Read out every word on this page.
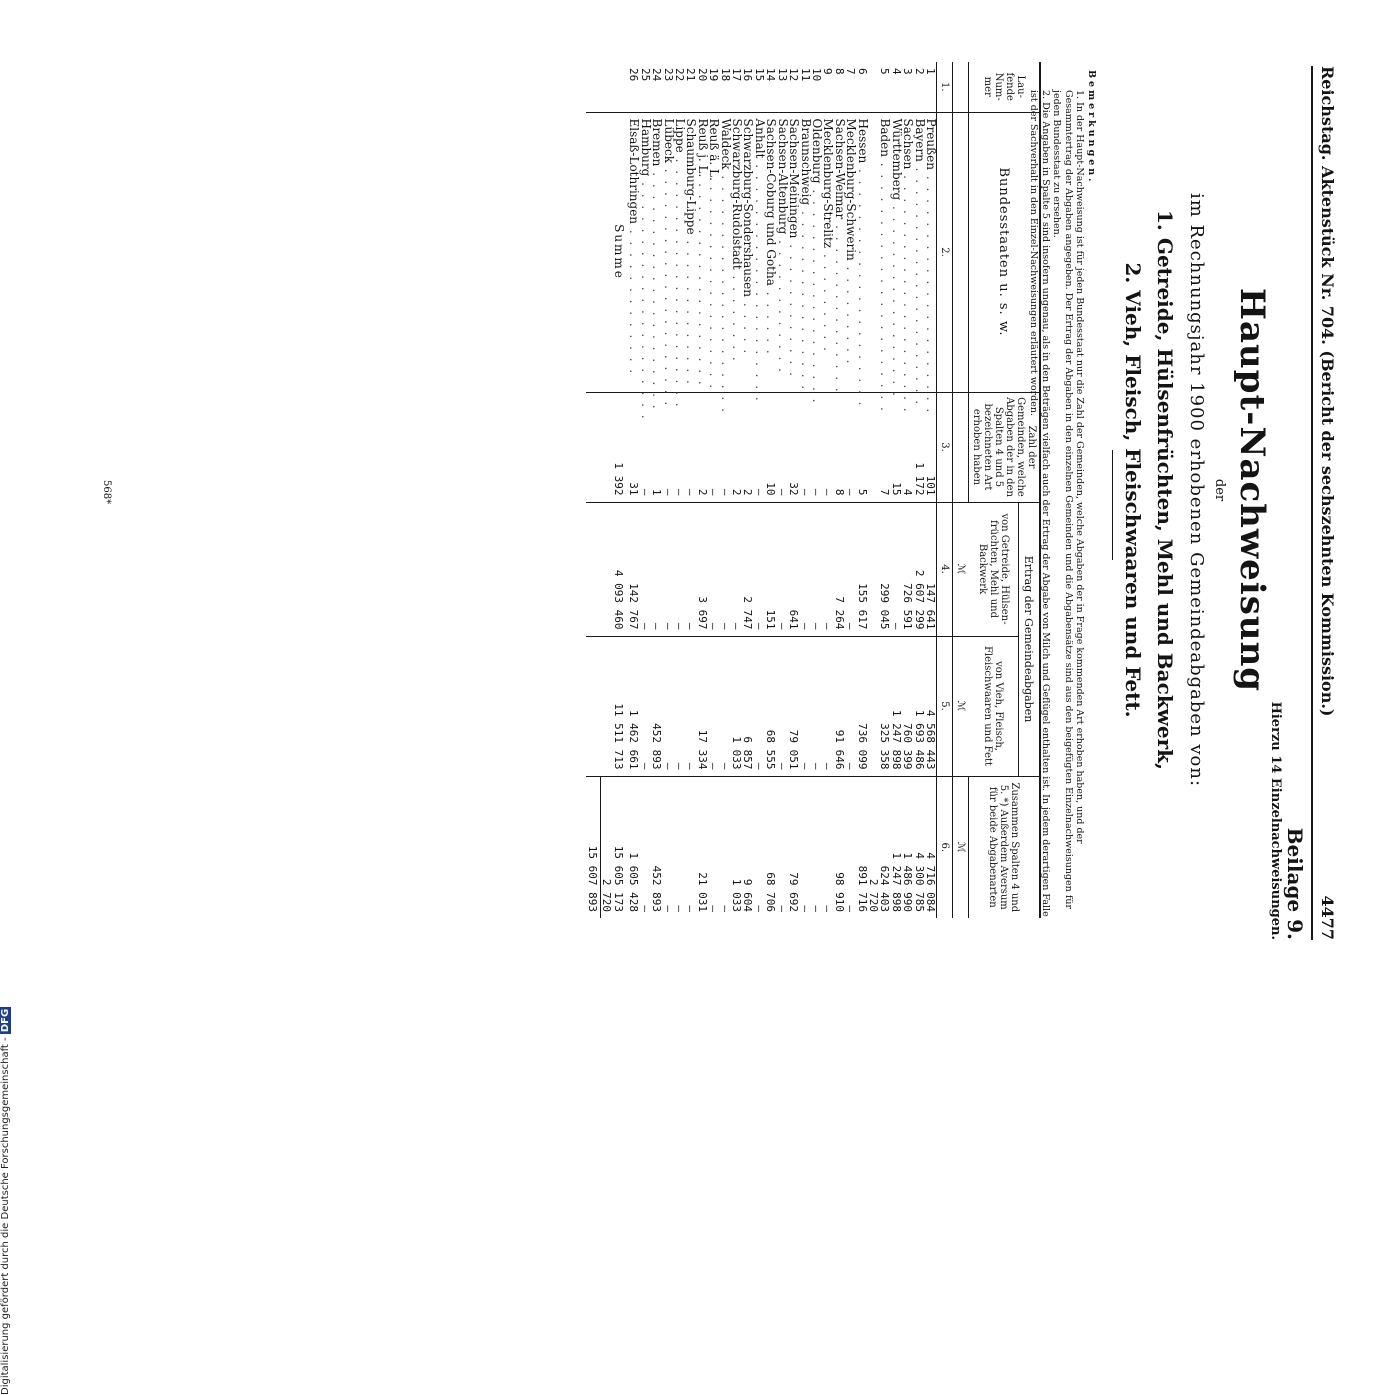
Reichstag. Aktenstück Nr. 704. (Bericht der sechszehnten Kommission.)
4477
Beilage 9.
Hierzu 14 Einzelnachweisungen.
Haupt-Nachweisung
der
im Rechnungsjahr 1900 erhobenen Gemeindeabgaben von:
1. Getreide, Hülsenfrüchten, Mehl und Backwerk,
2. Vieh, Fleisch, Fleischwaaren und Fett.
Bemerkungen.
1. In der Haupt-Nachweisung ist für jeden Bundesstaat nur die Zahl der Gemeinden, welche Abgaben der in Frage kommenden Art erhoben haben, und der Gesammtertrag der Abgaben angegeben. Der Ertrag der Abgaben in den einzelnen Gemeinden und die Abgabensätze sind aus den beigefügten Einzelnachweisungen für jeden Bundesstaat zu ersehen.
2. Die Angaben in Spalte 5 sind insofern ungenau, als in den Beträgen vielfach auch der Ertrag der Abgabe von Milch und Geflügel enthalten ist. In jedem derartigen Falle ist der Sachverhalt in den Einzel-Nachweisungen erläutert worden.
Lau-fende Num-mer	Bundesstaaten u. s. w.	Zahl der Gemeinden, welche Abgaben der in den Spalten 4 und 5 bezeichneten Art erhoben haben	Ertrag der Gemeindeabgaben		Zusammen Spalten 4 und 5. *) Außerdem Aversum für beide Abgabenarten
			von Getreide, Hülsen-früchten, Mehl und Backwerk	von Vieh, Fleisch, Fleischwaaren und Fett	
			ℳ	ℳ	ℳ
1.	2.	3.	4.	5.	6.
1	Preußen . . . . . . . . . . . . . . . . . . . . .	101	147 641	4 568 443	4 716 084
2	Bayern . . . . . . . . . . . . . . . . . . . . .	1 172	2 607 299	1 693 486	4 300 785
3	Sachsen . . . . . . . . . . . . . . . . . . . . .	4	726 591	760 399	1 486 990
4	Württemberg . . . . . . . . . . . . . . . . .	15	—	1 247 898	1 247 898
5	Baden . . . . . . . . . . . . . . . . . . . . . .	7	299 045	325 358	624 403
					2 720
6	Hessen . . . . . . . . . . . . . . . . . . . . .	5	155 617	736 099	891 716
7	Mecklenburg-Schwerin . . . . . . . . .	—	—	—	—
8	Sachsen-Weimar . . . . . . . . . . . . . . .	8	7 264	91 646	98 910
9	Mecklenburg-Strelitz . . . . . . . . .	—	—	—	—
10	Oldenburg . . . . . . . . . . . . . . . . . . .	—	—	—	—
11	Braunschweig . . . . . . . . . . . . . . . .	—	—	—	—
12	Sachsen-Meiningen . . . . . . . . . . . .	32	641	79 051	79 692
13	Sachsen-Altenburg . . . . . . . . . . . .	—	—	—	—
14	Sachsen-Coburg und Gotha . . . . . .	10	151	68 555	68 706
15	Anhalt . . . . . . . . . . . . . . . . . . . . .	—	—	—	—
16	Schwarzburg-Sondershausen . . . . .	2	2 747	6 857	9 604
17	Schwarzburg-Rudolstadt . . . . . . . .	2	—	1 033	1 033
18	Waldeck . . . . . . . . . . . . . . . . . . . . .	—	—	—	—
19	Reuß ä. L. . . . . . . . . . . . . . . . . . .	—	—	—	—
20	Reuß j. L. . . . . . . . . . . . . . . . . . .	2	3 697	17 334	21 031
21	Schaumburg-Lippe . . . . . . . . . . . . .	—	—	—	—
22	Lippe . . . . . . . . . . . . . . . . . . . . . .	—	—	—	—
23	Lübeck . . . . . . . . . . . . . . . . . . . . .	—	—	—	—
24	Bremen . . . . . . . . . . . . . . . . . . . . .	1	—	452 893	452 893
25	Hamburg . . . . . . . . . . . . . . . . . . . . .	—	—	—	—
26	Elsaß-Lothringen . . . . . . . . . . . . .	31	142 767	1 462 661	1 605 428
	Summe	1 392	4 093 460	11 511 713	15 605 173
					2 720
					15 607 893
568*
Digitalisierung gefördert durch die Deutsche Forschungsgemeinschaft - DFG
